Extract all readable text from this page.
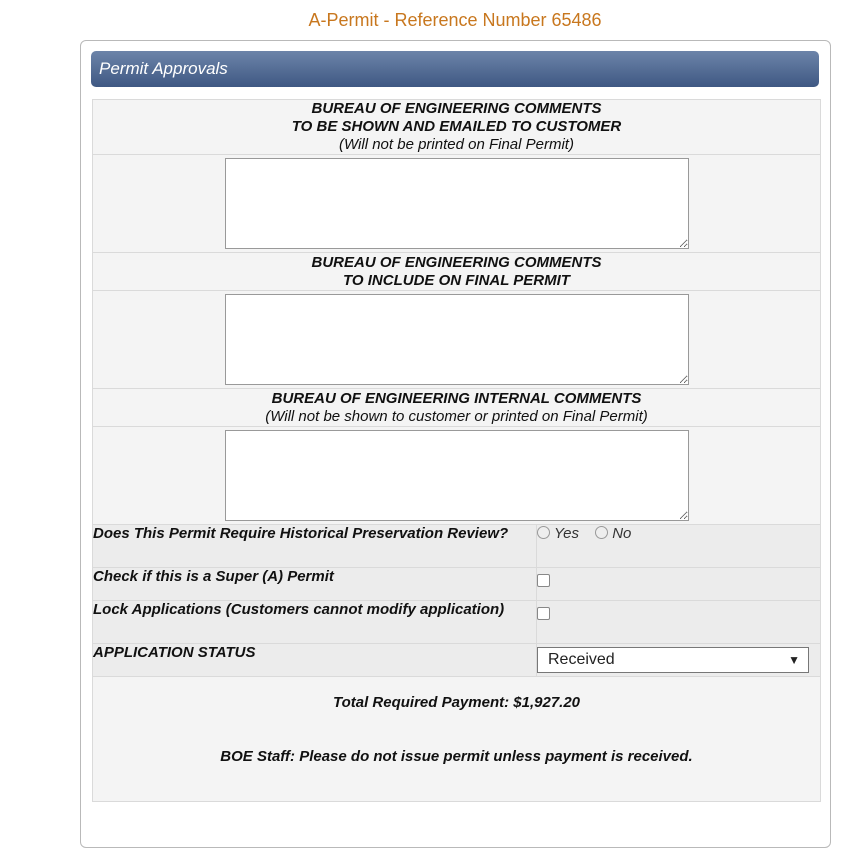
A-Permit - Reference Number 65486
Permit Approvals
BUREAU OF ENGINEERING COMMENTS
TO BE SHOWN AND EMAILED TO CUSTOMER
(Will not be printed on Final Permit)	

BUREAU OF ENGINEERING COMMENTS
TO INCLUDE ON FINAL PERMIT	

BUREAU OF ENGINEERING INTERNAL COMMENTS
(Will not be shown to customer or printed on Final Permit)	

Does This Permit Require Historical Preservation Review?	Yes No
Check if this is a Super (A) Permit	
Lock Applications (Customers cannot modify application)	
APPLICATION STATUS	Received ▼

Total Required Payment: $1,927.20
BOE Staff: Please do not issue permit unless payment is received.	
